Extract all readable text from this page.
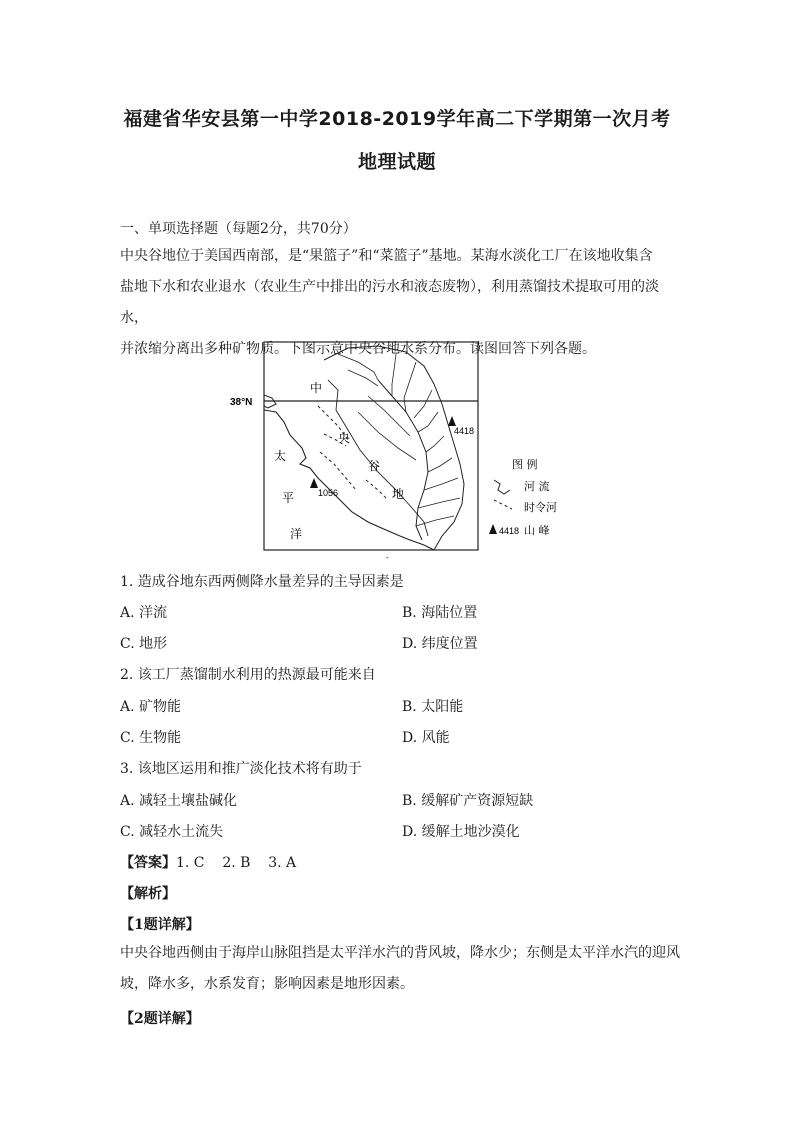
福建省华安县第一中学2018-2019学年高二下学期第一次月考
地理试题
一、单项选择题（每题2分，共70分）
中央谷地位于美国西南部，是“果篮子”和“菜篮子”基地。某海水淡化工厂在该地收集含
盐地下水和农业退水（农业生产中排出的污水和液态废物），利用蒸馏技术提取可用的淡水，
并浓缩分离出多种矿物质。下图示意中央谷地水系分布。读图回答下列各题。
38°N
中
央
谷
地
太
平
洋
4418
1056
-
图 例
河 流
时令河
4418 山 峰
1. 造成谷地东西两侧降水量差异的主导因素是
A. 洋流	B. 海陆位置
C. 地形	D. 纬度位置
2. 该工厂蒸馏制水利用的热源最可能来自
A. 矿物能	B. 太阳能
C. 生物能	D. 风能
3. 该地区运用和推广淡化技术将有助于
A. 减轻土壤盐碱化	B. 缓解矿产资源短缺
C. 减轻水土流失	D. 缓解土地沙漠化
【答案】1. C    2. B    3. A
【解析】
【1题详解】
中央谷地西侧由于海岸山脉阻挡是太平洋水汽的背风坡，降水少；东侧是太平洋水汽的迎风
坡，降水多，水系发育；影响因素是地形因素。
【2题详解】
